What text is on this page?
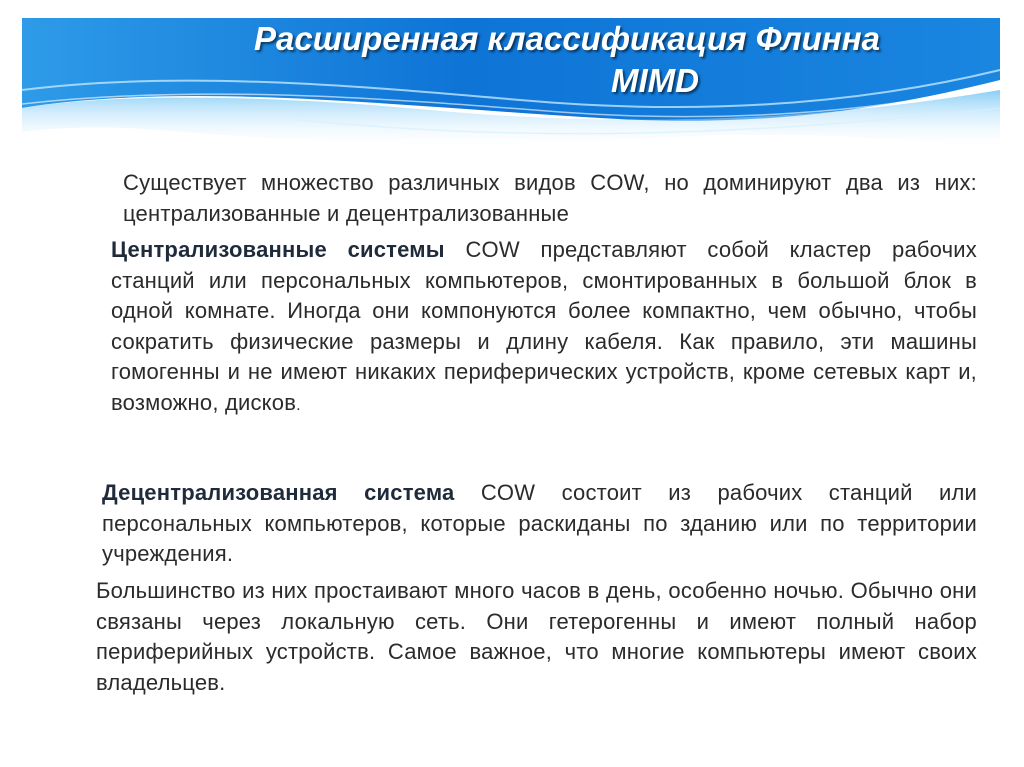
Расширенная классификация Флинна
MIMD

Существует множество различных видов COW, но доминируют два из них: централизованные и децентрализованные

Централизованные системы COW представляют собой кластер рабочих станций или персональных компьютеров, смонтированных в большой блок в одной комнате. Иногда они компонуются более компактно, чем обычно, чтобы сократить физические размеры и длину кабеля. Как правило, эти машины гомогенны и не имеют никаких периферических устройств, кроме сетевых карт и, возможно, дисков.

Децентрализованная система COW состоит из рабочих станций или персональных компьютеров, которые раскиданы по зданию или по территории учреждения.

Большинство из них простаивают много часов в день, особенно ночью. Обычно они связаны через локальную сеть. Они гетерогенны и имеют полный набор периферийных устройств. Самое важное, что многие компьютеры имеют своих владельцев.
